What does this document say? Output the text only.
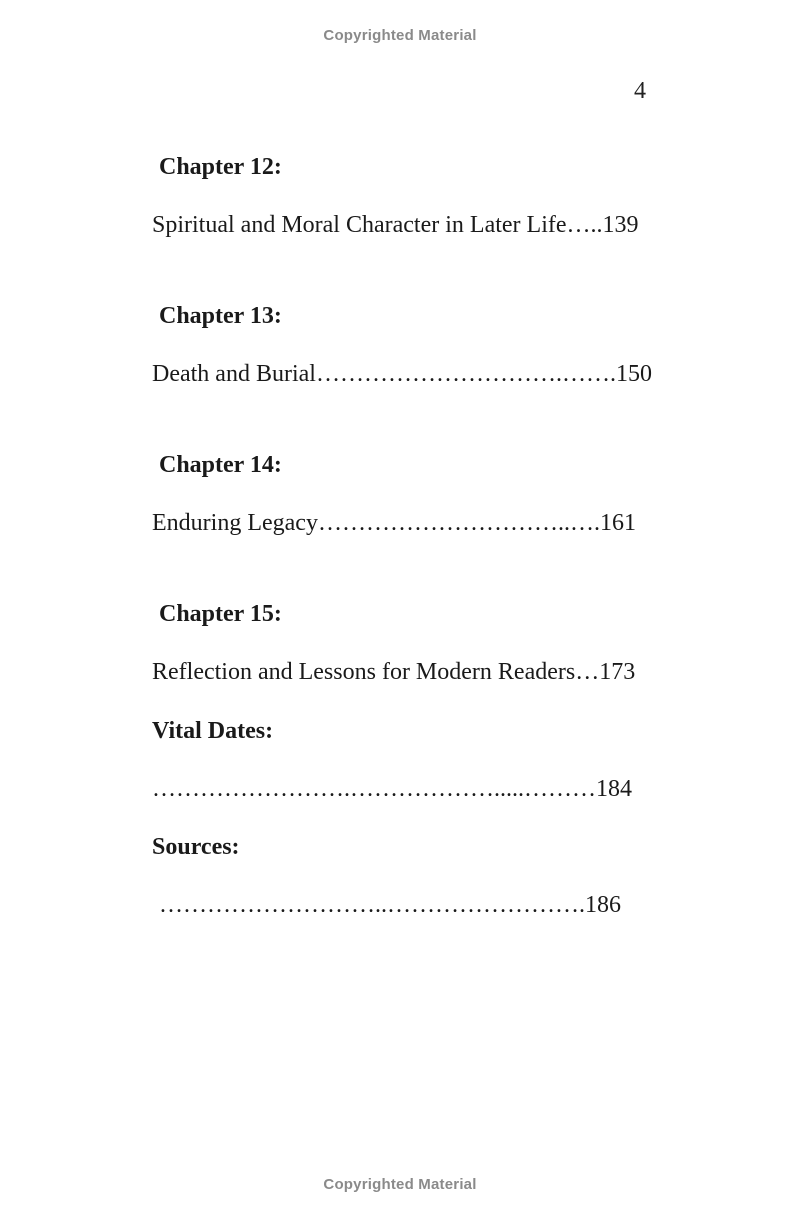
Copyrighted Material
4
Chapter 12:
Spiritual and Moral Character in Later Life…..139
Chapter 13:
Death and Burial………………………….…….150
Chapter 14:
Enduring Legacy…………………………..….161
Chapter 15:
Reflection and Lessons for Modern Readers…173
Vital Dates:
…………………….……………….....………184
Sources:
………………………..…………………….186
Copyrighted Material
